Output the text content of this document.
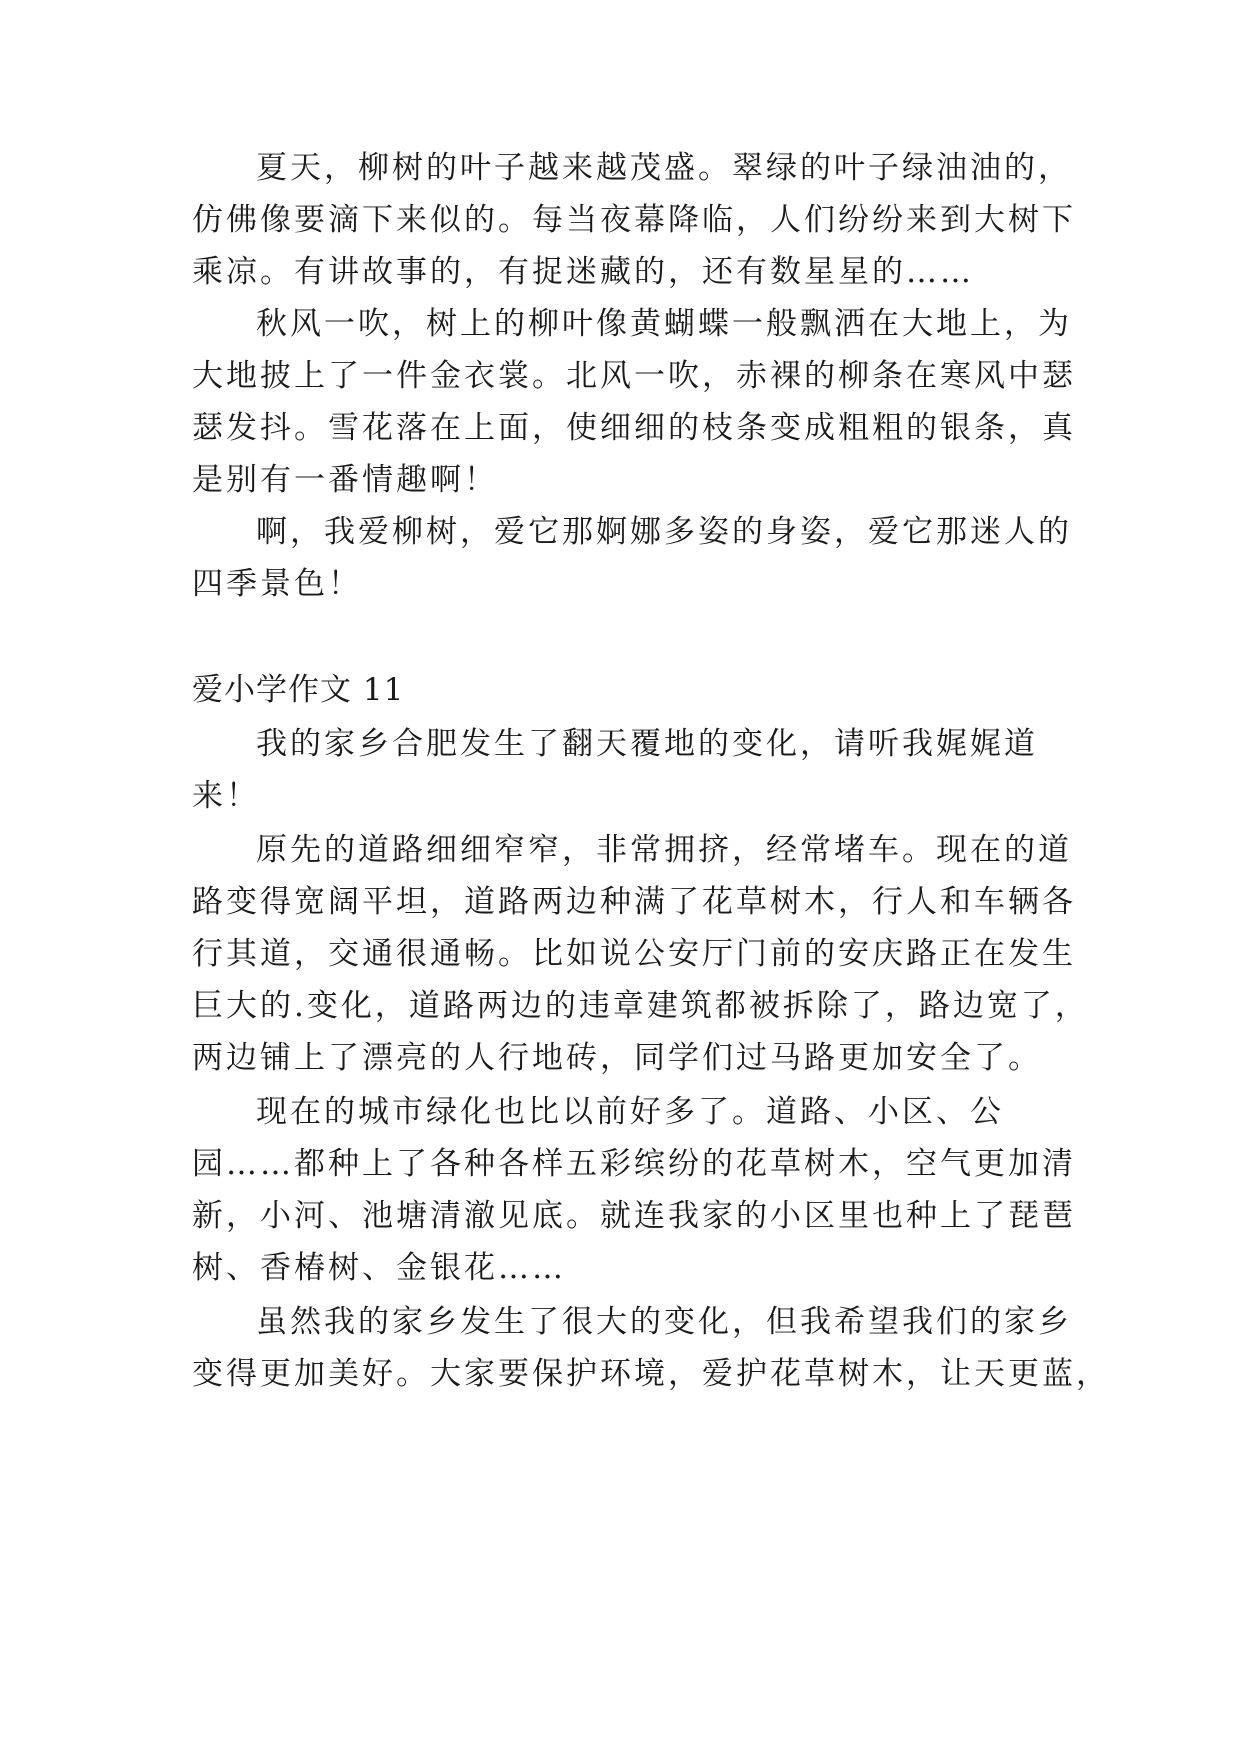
夏天，柳树的叶子越来越茂盛。翠绿的叶子绿油油的，
仿佛像要滴下来似的。每当夜幕降临，人们纷纷来到大树下
乘凉。有讲故事的，有捉迷藏的，还有数星星的……
秋风一吹，树上的柳叶像黄蝴蝶一般飘洒在大地上，为
大地披上了一件金衣裳。北风一吹，赤裸的柳条在寒风中瑟
瑟发抖。雪花落在上面，使细细的枝条变成粗粗的银条，真
是别有一番情趣啊！
啊，我爱柳树，爱它那婀娜多姿的身姿，爱它那迷人的
四季景色！
爱小学作文 11
我的家乡合肥发生了翻天覆地的变化，请听我娓娓道
来！
原先的道路细细窄窄，非常拥挤，经常堵车。现在的道
路变得宽阔平坦，道路两边种满了花草树木，行人和车辆各
行其道，交通很通畅。比如说公安厅门前的安庆路正在发生
巨大的.变化，道路两边的违章建筑都被拆除了，路边宽了，
两边铺上了漂亮的人行地砖，同学们过马路更加安全了。
现在的城市绿化也比以前好多了。道路、小区、公
园……都种上了各种各样五彩缤纷的花草树木，空气更加清
新，小河、池塘清澈见底。就连我家的小区里也种上了琵琶
树、香椿树、金银花……
虽然我的家乡发生了很大的变化，但我希望我们的家乡
变得更加美好。大家要保护环境，爱护花草树木，让天更蓝，
